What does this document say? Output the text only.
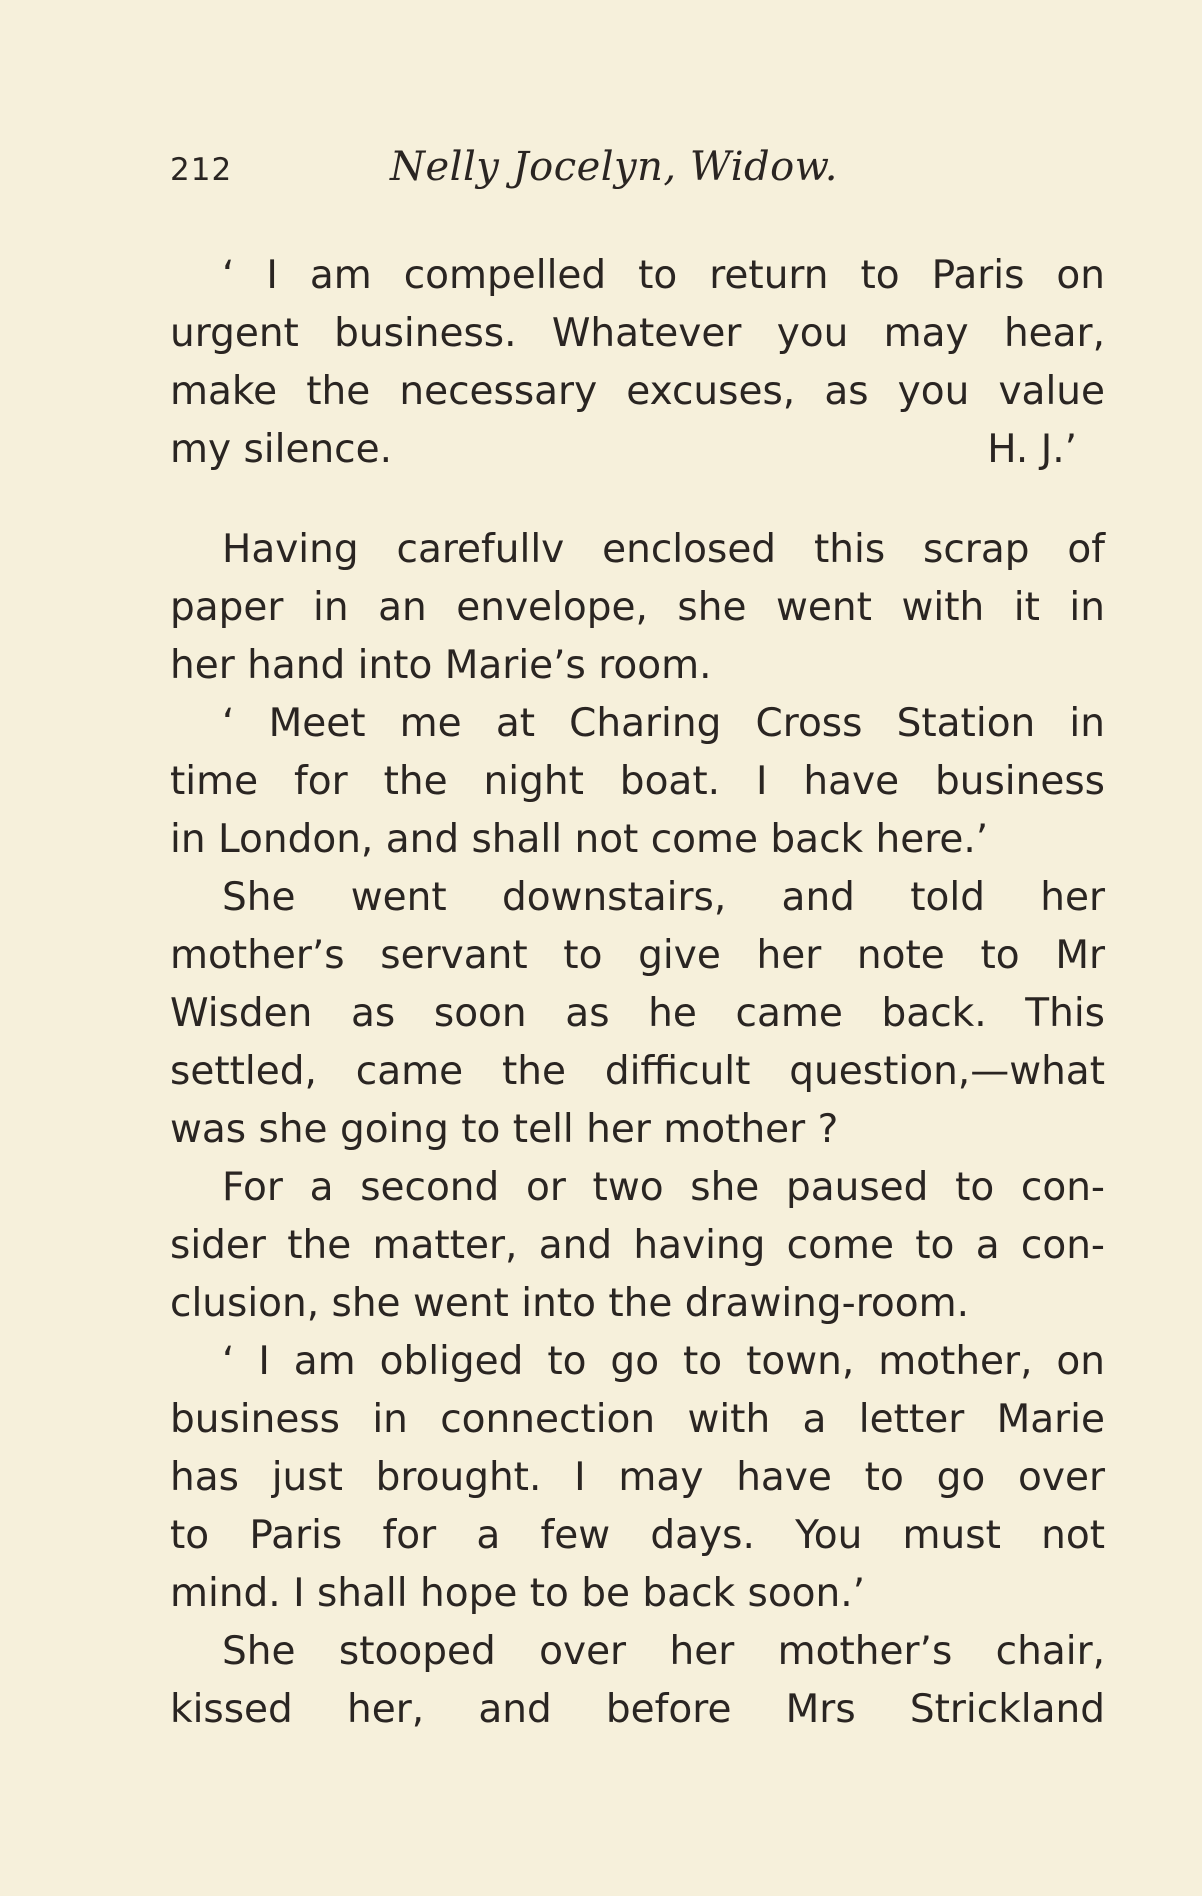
212	Nelly Jocelyn, Widow.
‘ I am compelled to return to Paris on
urgent business. Whatever you may hear,
make the necessary excuses, as you value
my silence.	H. J.’
Having carefullv enclosed this scrap of
paper in an envelope, she went with it in
her hand into Marie’s room.
‘ Meet me at Charing Cross Station in
time for the night boat. I have business
in London, and shall not come back here.’
She went downstairs, and told her
mother’s servant to give her note to Mr
Wisden as soon as he came back. This
settled, came the difficult question,—what
was she going to tell her mother ?
For a second or two she paused to con-
sider the matter, and having come to a con-
clusion, she went into the drawing-room.
‘ I am obliged to go to town, mother, on
business in connection with a letter Marie
has just brought. I may have to go over
to Paris for a few days. You must not
mind. I shall hope to be back soon.’
She stooped over her mother’s chair,
kissed her, and before Mrs Strickland
